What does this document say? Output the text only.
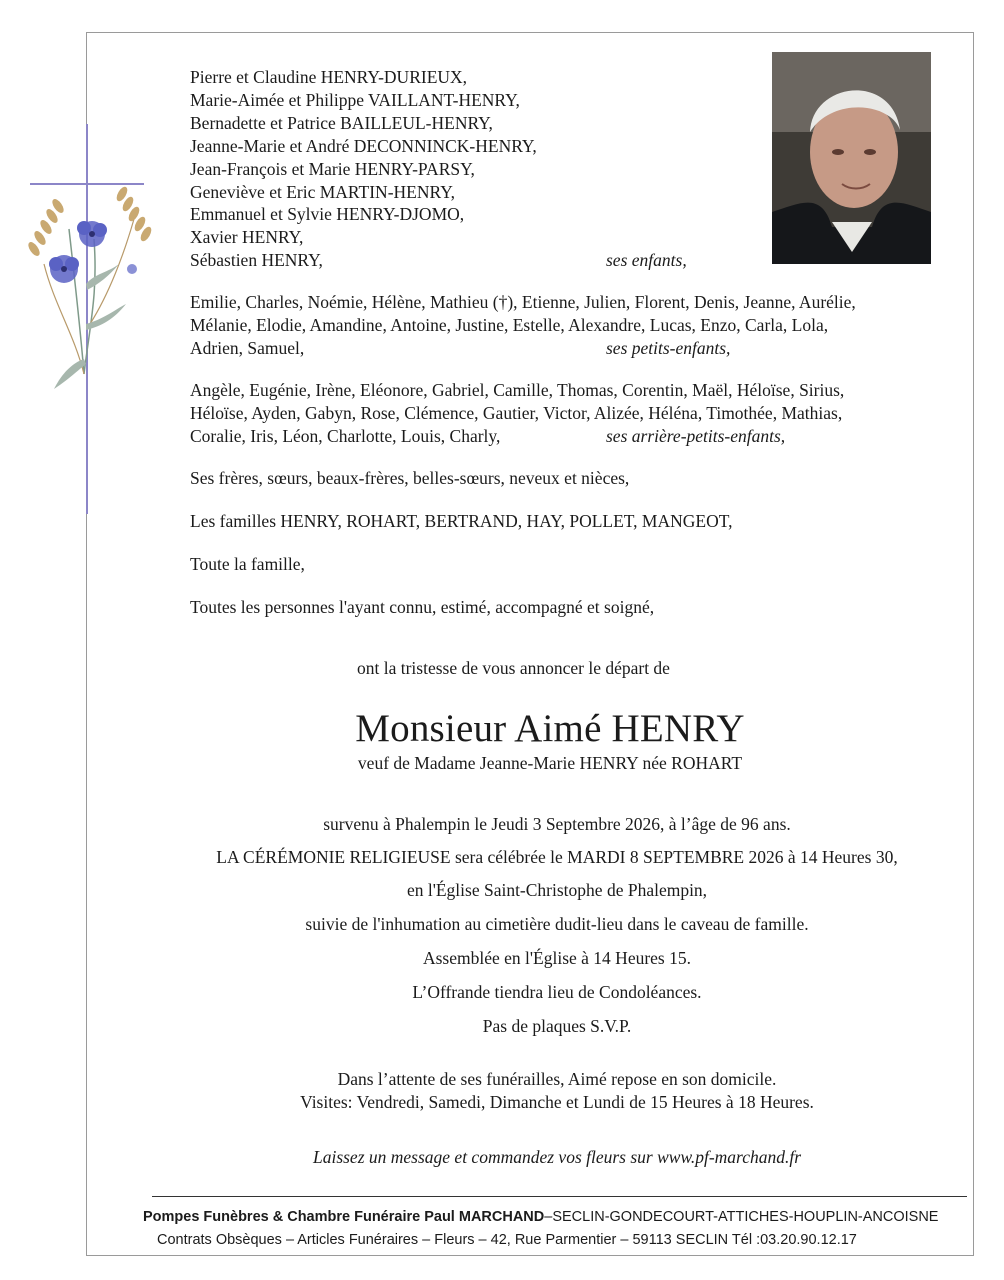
Pierre et Claudine HENRY-DURIEUX,
Marie-Aimée et Philippe VAILLANT-HENRY,
Bernadette et Patrice BAILLEUL-HENRY,
Jeanne-Marie et André DECONNINCK-HENRY,
Jean-François et Marie HENRY-PARSY,
Geneviève et Eric MARTIN-HENRY,
Emmanuel et Sylvie HENRY-DJOMO,
Xavier HENRY,
Sébastien HENRY,	ses enfants,
Emilie, Charles, Noémie, Hélène, Mathieu (†), Etienne, Julien, Florent, Denis, Jeanne, Aurélie,
Mélanie, Elodie, Amandine, Antoine, Justine, Estelle, Alexandre, Lucas, Enzo, Carla, Lola,
Adrien, Samuel,	ses petits-enfants,
Angèle, Eugénie, Irène, Eléonore, Gabriel, Camille, Thomas, Corentin, Maël, Héloïse, Sirius,
Héloïse, Ayden, Gabyn, Rose, Clémence, Gautier, Victor, Alizée, Héléna, Timothée, Mathias,
Coralie, Iris, Léon, Charlotte, Louis, Charly,	ses arrière-petits-enfants,
Ses frères, sœurs, beaux-frères, belles-sœurs, neveux et nièces,
Les familles HENRY, ROHART, BERTRAND, HAY, POLLET, MANGEOT,
Toute la famille,
Toutes les personnes l'ayant connu, estimé, accompagné et soigné,
ont la tristesse de vous annoncer le départ de
Monsieur Aimé HENRY
veuf de Madame Jeanne-Marie HENRY née ROHART
survenu à Phalempin le Jeudi 3 Septembre 2026, à l’âge de 96 ans.
LA CÉRÉMONIE RELIGIEUSE sera célébrée le MARDI 8 SEPTEMBRE 2026 à 14 Heures 30,
en l'Église Saint-Christophe de Phalempin,
suivie de l'inhumation au cimetière dudit-lieu dans le caveau de famille.
Assemblée en l'Église à 14 Heures 15.
L’Offrande tiendra lieu de Condoléances.
Pas de plaques S.V.P.
Dans l’attente de ses funérailles, Aimé repose en son domicile.
Visites: Vendredi, Samedi, Dimanche et Lundi de 15 Heures à 18 Heures.
Laissez un message et commandez vos fleurs sur www.pf-marchand.fr
Pompes Funèbres & Chambre Funéraire Paul MARCHAND–SECLIN-GONDECOURT-ATTICHES-HOUPLIN-ANCOISNE
Contrats Obsèques – Articles Funéraires – Fleurs – 42, Rue Parmentier – 59113 SECLIN Tél :03.20.90.12.17
